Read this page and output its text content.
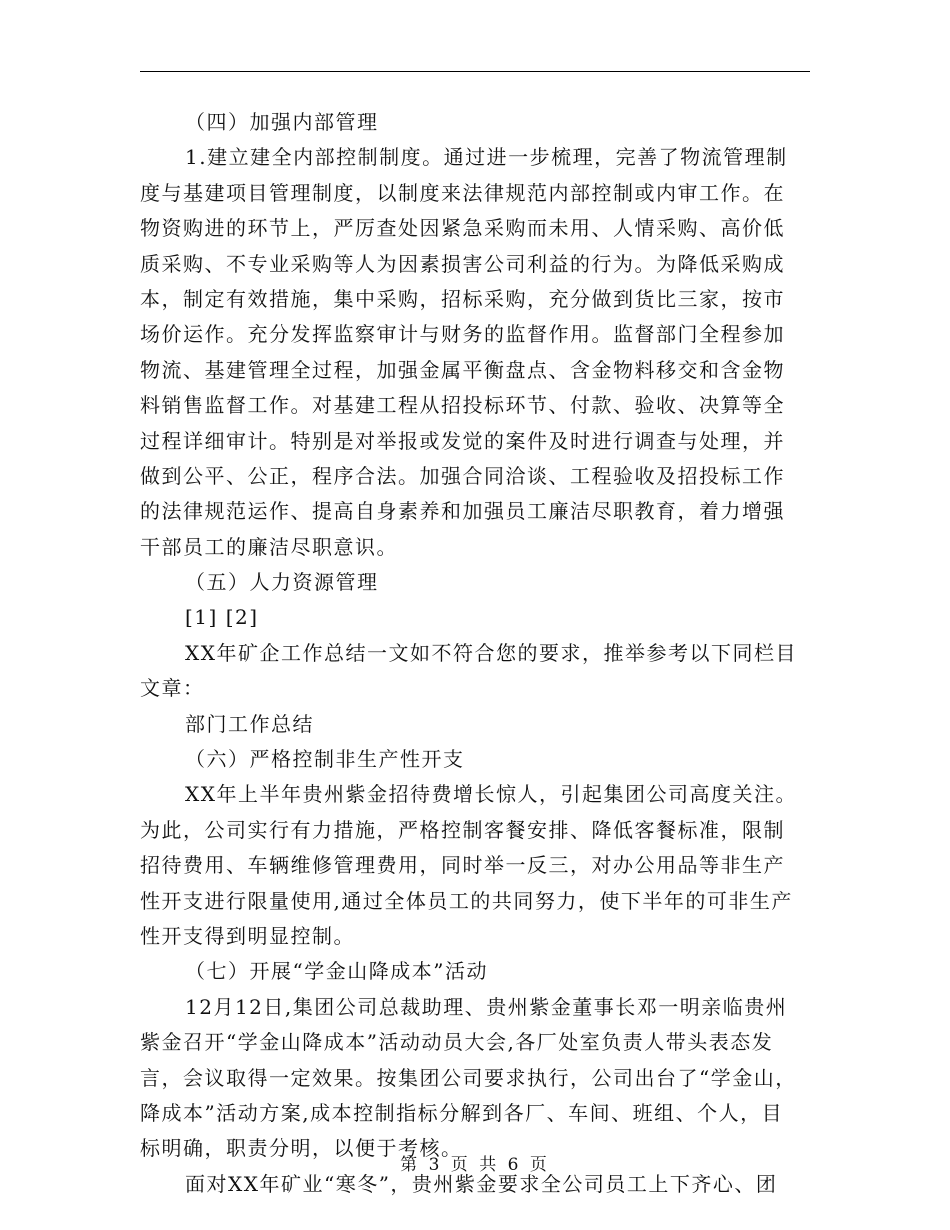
（四）加强内部管理
1.建立建全内部控制制度。通过进一步梳理，完善了物流管理制
度与基建项目管理制度，以制度来法律规范内部控制或内审工作。在
物资购进的环节上，严厉查处因紧急采购而未用、人情采购、高价低
质采购、不专业采购等人为因素损害公司利益的行为。为降低采购成
本，制定有效措施，集中采购，招标采购，充分做到货比三家，按市
场价运作。充分发挥监察审计与财务的监督作用。监督部门全程参加
物流、基建管理全过程，加强金属平衡盘点、含金物料移交和含金物
料销售监督工作。对基建工程从招投标环节、付款、验收、决算等全
过程详细审计。特别是对举报或发觉的案件及时进行调查与处理，并
做到公平、公正，程序合法。加强合同洽谈、工程验收及招投标工作
的法律规范运作、提高自身素养和加强员工廉洁尽职教育，着力增强
干部员工的廉洁尽职意识。
（五）人力资源管理
[1] [2]
XX年矿企工作总结一文如不符合您的要求，推举参考以下同栏目
文章：
部门工作总结
（六）严格控制非生产性开支
XX年上半年贵州紫金招待费增长惊人，引起集团公司高度关注。
为此，公司实行有力措施，严格控制客餐安排、降低客餐标准，限制
招待费用、车辆维修管理费用，同时举一反三，对办公用品等非生产
性开支进行限量使用,通过全体员工的共同努力，使下半年的可非生产
性开支得到明显控制。
（七）开展“学金山降成本”活动
12月12日,集团公司总裁助理、贵州紫金董事长邓一明亲临贵州
紫金召开“学金山降成本”活动动员大会,各厂处室负责人带头表态发
言，会议取得一定效果。按集团公司要求执行，公司出台了“学金山，
降成本”活动方案,成本控制指标分解到各厂、车间、班组、个人，目
标明确，职责分明，以便于考核。
面对XX年矿业“寒冬”，贵州紫金要求全公司员工上下齐心、团
第 3 页 共 6 页
